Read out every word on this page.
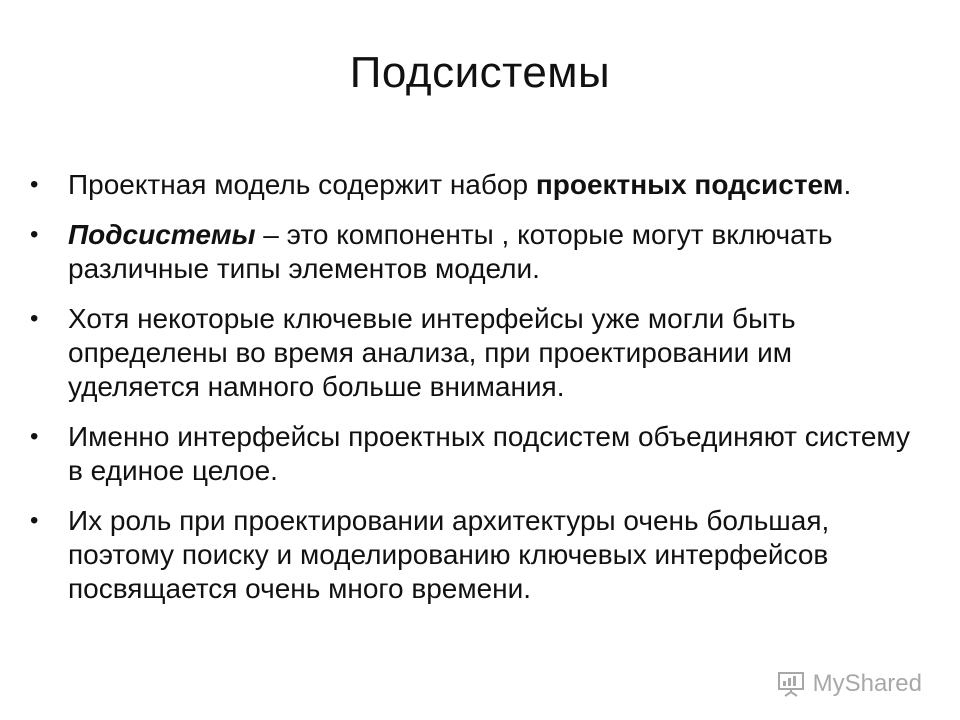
Подсистемы
•	Проектная модель содержит набор проектных подсистем.
•	Подсистемы – это компоненты , которые могут включать различные типы элементов модели.
•	Хотя некоторые ключевые интерфейсы уже могли быть определены во время анализа, при проектировании им уделяется намного больше внимания.
•	Именно интерфейсы проектных подсистем объединяют систему в единое целое.
•	Их роль при проектировании архитектуры очень большая, поэтому поиску и моделированию ключевых интерфейсов посвящается очень много времени.
MyShared
